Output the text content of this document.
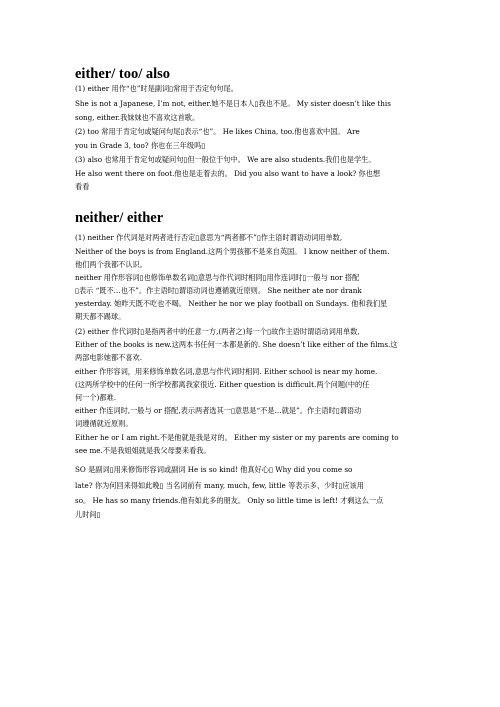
either/ too/ also
(1) either 用作“也”时是副词▯常用于否定句句尾。
She is not a Japanese, I’m not, either.她不是日本人▯我也不是。 My sister doesn’t like this
song, either.我妹妹也不喜欢这首歌。
(2) too 常用于肯定句或疑问句尾▯表示“也”。 He likes China, too.他也喜欢中国。 Are
you in Grade 3, too? 你也在三年级吗▯
(3) also 也常用于肯定句或疑问句▯但一般位于句中。 We are also students.我们也是学生。
He also went there on foot.他也是走着去的。 Did you also want to have a look? 你也想
看看
neither/ either
(1) neither 作代词是对两者进行否定▯意思为“两者都不”▯作主语时谓语动词用单数,
Neither of the boys is from England.这两个男孩都不是来自英国。 I know neither of them.
他们两个我都不认识。
neither 用作形容词▯也修饰单数名词▯意思与作代词时相同▯用作连词时▯一般与 nor 搭配
▯表示 “既不…也不”。作主语时▯谓语动词也遵循就近原则。 She neither ate nor drank
yesterday. 她昨天既不吃也不喝。 Neither he nor we play football on Sundays. 他和我们星
期天都不踢球。
(2) either 作代词时▯是指两者中的任意一方,(两者之)每一个▯故作主语时谓语动词用单数,
Either of the books is new.这两本书任何一本都是新的. She doesn’t like either of the films.这
两部电影她都不喜欢.
either 作形容词，用来修饰单数名词,意思与作代词时相同. Either school is near my home.
(这两所学校中的任何一所学校都离我家很近. Either question is difficult.两个问题(中的任
何一个)都难.
either 作连词时,一般与 or 搭配,表示两者选其一▯意思是“不是…就是”。作主语时▯谓语动
词遵循就近原则。
Either he or I am right.不是他就是我是对的。 Either my sister or my parents are coming to
see me.不是我姐姐就是我父母要来看我。
SO 是副词▯用来修饰形容词或副词 He is so kind! 他真好心▯ Why did you come so
late? 你为何回来得如此晚▯ 当名词前有 many, much, few, little 等表示多、少时▯应该用
so。 He has so many friends.他有如此多的朋友。 Only so little time is left! 才剩这么一点
儿时间▯
